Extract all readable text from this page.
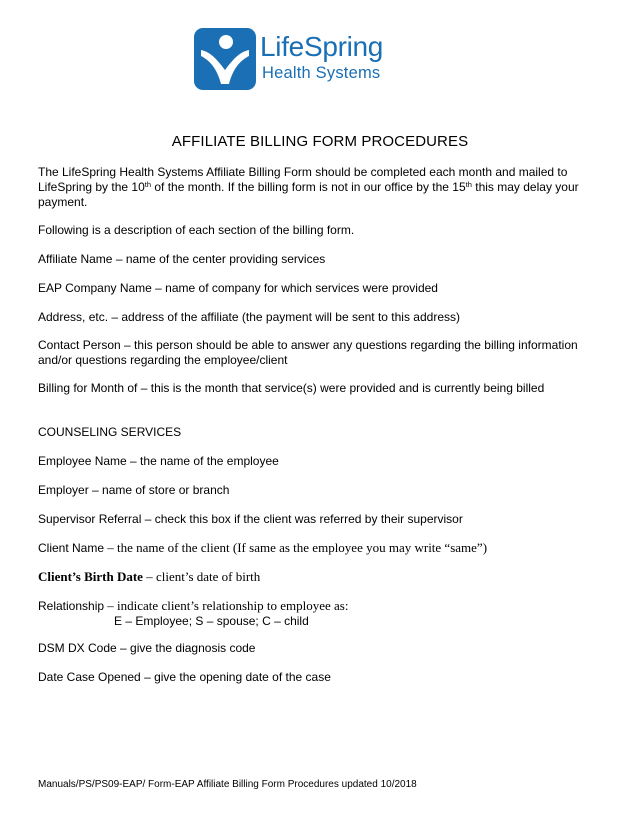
LifeSpring
Health Systems
AFFILIATE BILLING FORM PROCEDURES
The LifeSpring Health Systems Affiliate Billing Form should be completed each month and mailed to LifeSpring by the 10th of the month. If the billing form is not in our office by the 15th this may delay your payment.
Following is a description of each section of the billing form.
Affiliate Name – name of the center providing services
EAP Company Name – name of company for which services were provided
Address, etc. – address of the affiliate (the payment will be sent to this address)
Contact Person – this person should be able to answer any questions regarding the billing information and/or questions regarding the employee/client
Billing for Month of – this is the month that service(s) were provided and is currently being billed
COUNSELING SERVICES
Employee Name – the name of the employee
Employer – name of store or branch
Supervisor Referral – check this box if the client was referred by their supervisor
Client Name – the name of the client (If same as the employee you may write “same”)
Client’s Birth Date – client’s date of birth
Relationship – indicate client’s relationship to employee as:
E – Employee; S – spouse; C – child
DSM DX Code – give the diagnosis code
Date Case Opened – give the opening date of the case
Manuals/PS/PS09-EAP/ Form-EAP Affiliate Billing Form Procedures updated 10/2018
